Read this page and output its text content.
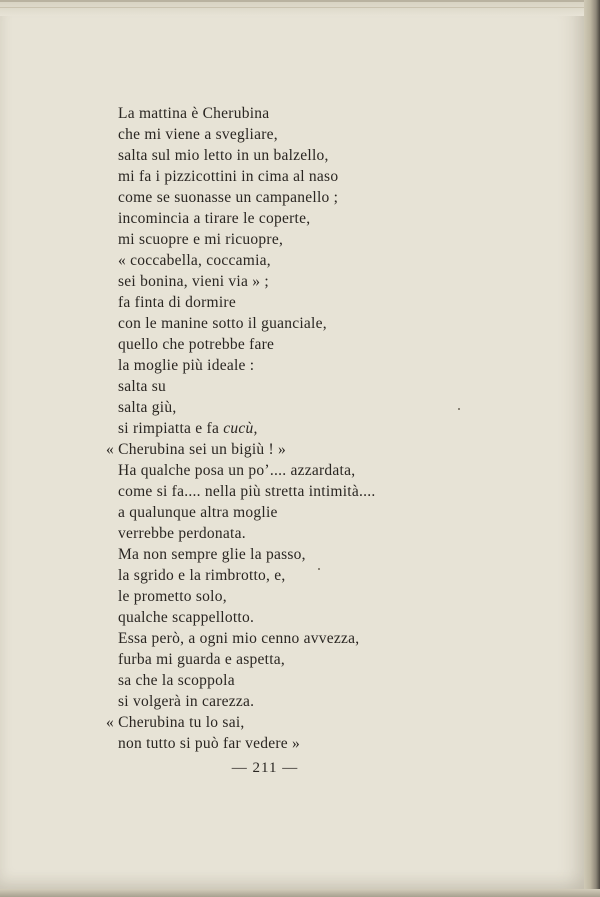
La mattina è Cherubina
che mi viene a svegliare,
salta sul mio letto in un balzello,
mi fa i pizzicottini in cima al naso
come se suonasse un campanello ;
incomincia a tirare le coperte,
mi scuopre e mi ricuopre,
« coccabella, coccamia,
sei bonina, vieni via » ;
fa finta di dormire
con le manine sotto il guanciale,
quello che potrebbe fare
la moglie più ideale :
salta su
salta giù,
si rimpiatta e fa cucù,
« Cherubina sei un bigiù ! »
Ha qualche posa un po’.... azzardata,
come si fa.... nella più stretta intimità....
a qualunque altra moglie
verrebbe perdonata.
Ma non sempre glie la passo,
la sgrido e la rimbrotto, e,
le prometto solo,
qualche scappellotto.
Essa però, a ogni mio cenno avvezza,
furba mi guarda e aspetta,
sa che la scoppola
si volgerà in carezza.
« Cherubina tu lo sai,
non tutto si può far vedere »
— 211 —
